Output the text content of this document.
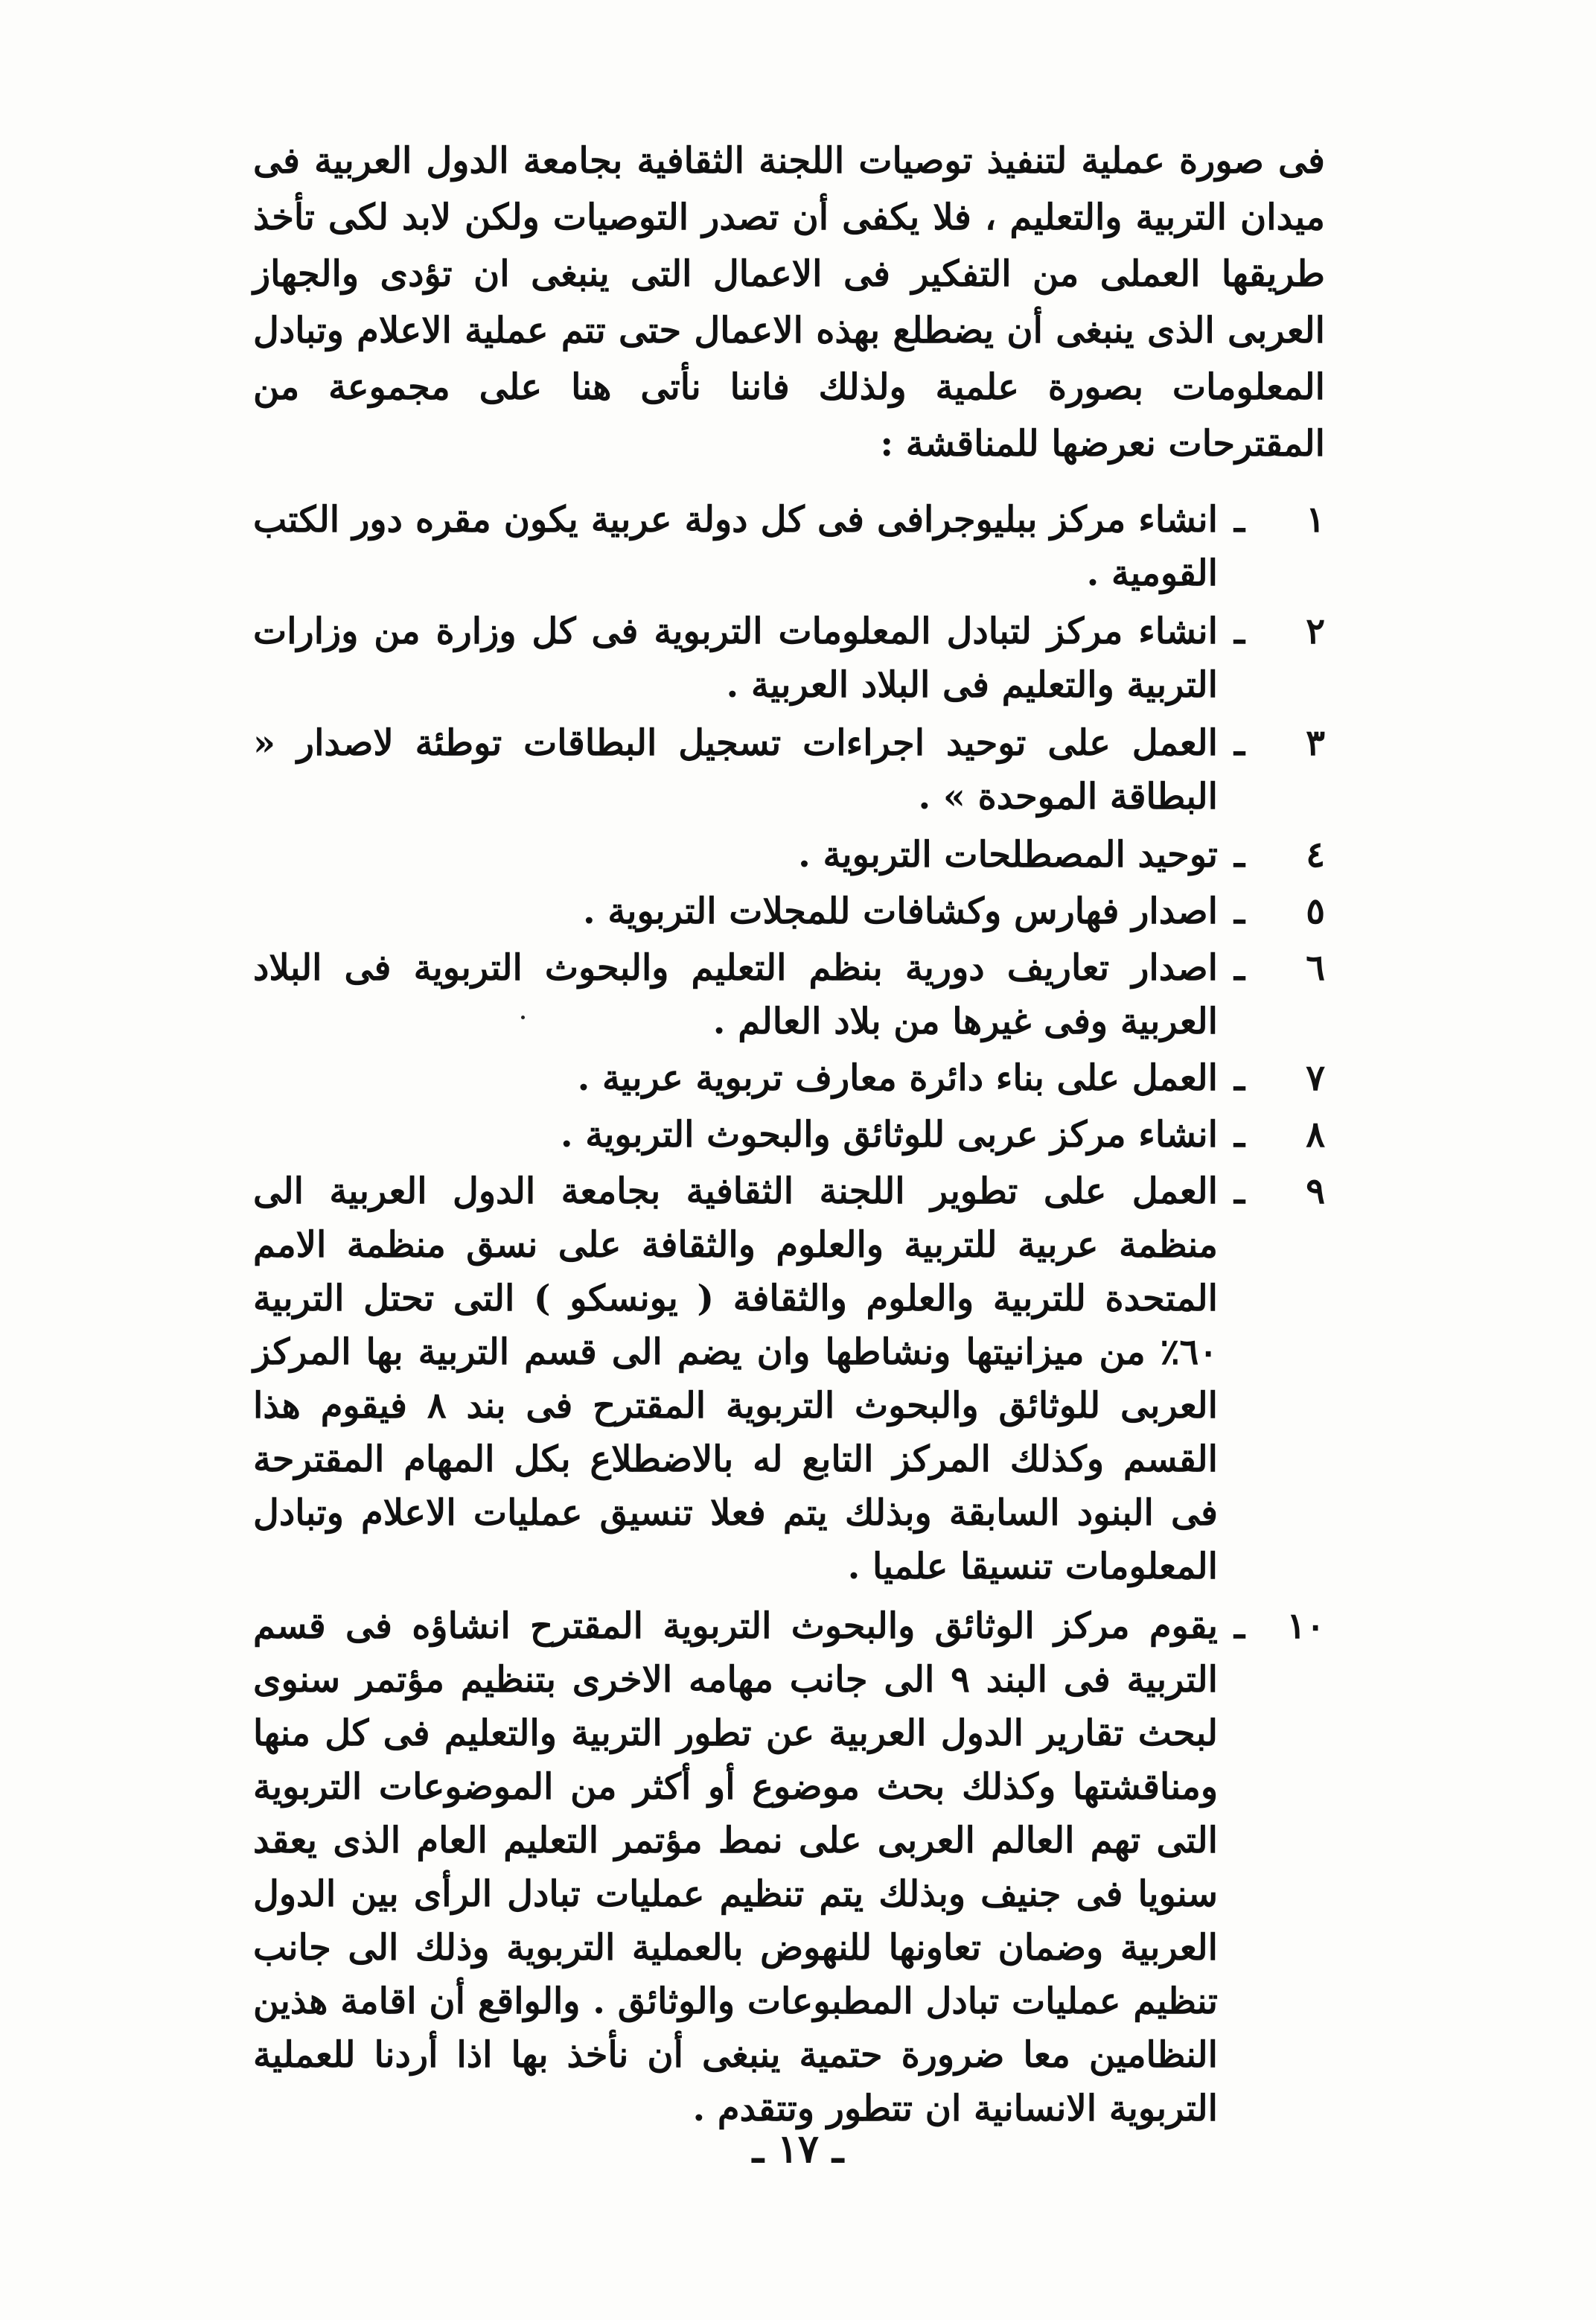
فى صورة عملية لتنفيذ توصيات اللجنة الثقافية بجامعة الدول العربية فى ميدان التربية والتعليم ، فلا يكفى أن تصدر التوصيات ولكن لابد لكى تأخذ طريقها العملى من التفكير فى الاعمال التى ينبغى ان تؤدى والجهاز العربى الذى ينبغى أن يضطلع بهذه الاعمال حتى تتم عملية الاعلام وتبادل المعلومات بصورة علمية ولذلك فاننا نأتى هنا على مجموعة من المقترحات نعرضها للمناقشة :
١
ـ
انشاء مركز ببليوجرافى فى كل دولة عربية يكون مقره دور الكتب القومية .
٢
ـ
انشاء مركز لتبادل المعلومات التربوية فى كل وزارة من وزارات التربية والتعليم فى البلاد العربية .
٣
ـ
العمل على توحيد اجراءات تسجيل البطاقات توطئة لاصدار « البطاقة الموحدة » .
٤
ـ
توحيد المصطلحات التربوية .
٥
ـ
اصدار فهارس وكشافات للمجلات التربوية .
٦
ـ
اصدار تعاريف دورية بنظم التعليم والبحوث التربوية فى البلاد العربية وفى غيرها من بلاد العالم .
٧
ـ
العمل على بناء دائرة معارف تربوية عربية .
٨
ـ
انشاء مركز عربى للوثائق والبحوث التربوية .
٩
ـ
العمل على تطوير اللجنة الثقافية بجامعة الدول العربية الى منظمة عربية للتربية والعلوم والثقافة على نسق منظمة الامم المتحدة للتربية والعلوم والثقافة ( يونسكو ) التى تحتل التربية ٦٠٪ من ميزانيتها ونشاطها وان يضم الى قسم التربية بها المركز العربى للوثائق والبحوث التربوية المقترح فى بند ٨ فيقوم هذا القسم وكذلك المركز التابع له بالاضطلاع بكل المهام المقترحة فى البنود السابقة وبذلك يتم فعلا تنسيق عمليات الاعلام وتبادل المعلومات تنسيقا علميا .
١٠
ـ
يقوم مركز الوثائق والبحوث التربوية المقترح انشاؤه فى قسم التربية فى البند ٩ الى جانب مهامه الاخرى بتنظيم مؤتمر سنوى لبحث تقارير الدول العربية عن تطور التربية والتعليم فى كل منها ومناقشتها وكذلك بحث موضوع أو أكثر من الموضوعات التربوية التى تهم العالم العربى على نمط مؤتمر التعليم العام الذى يعقد سنويا فى جنيف وبذلك يتم تنظيم عمليات تبادل الرأى بين الدول العربية وضمان تعاونها للنهوض بالعملية التربوية وذلك الى جانب تنظيم عمليات تبادل المطبوعات والوثائق . والواقع أن اقامة هذين النظامين معا ضرورة حتمية ينبغى أن نأخذ بها اذا أردنا للعملية التربوية الانسانية ان تتطور وتتقدم .
ـ ١٧ ـ
